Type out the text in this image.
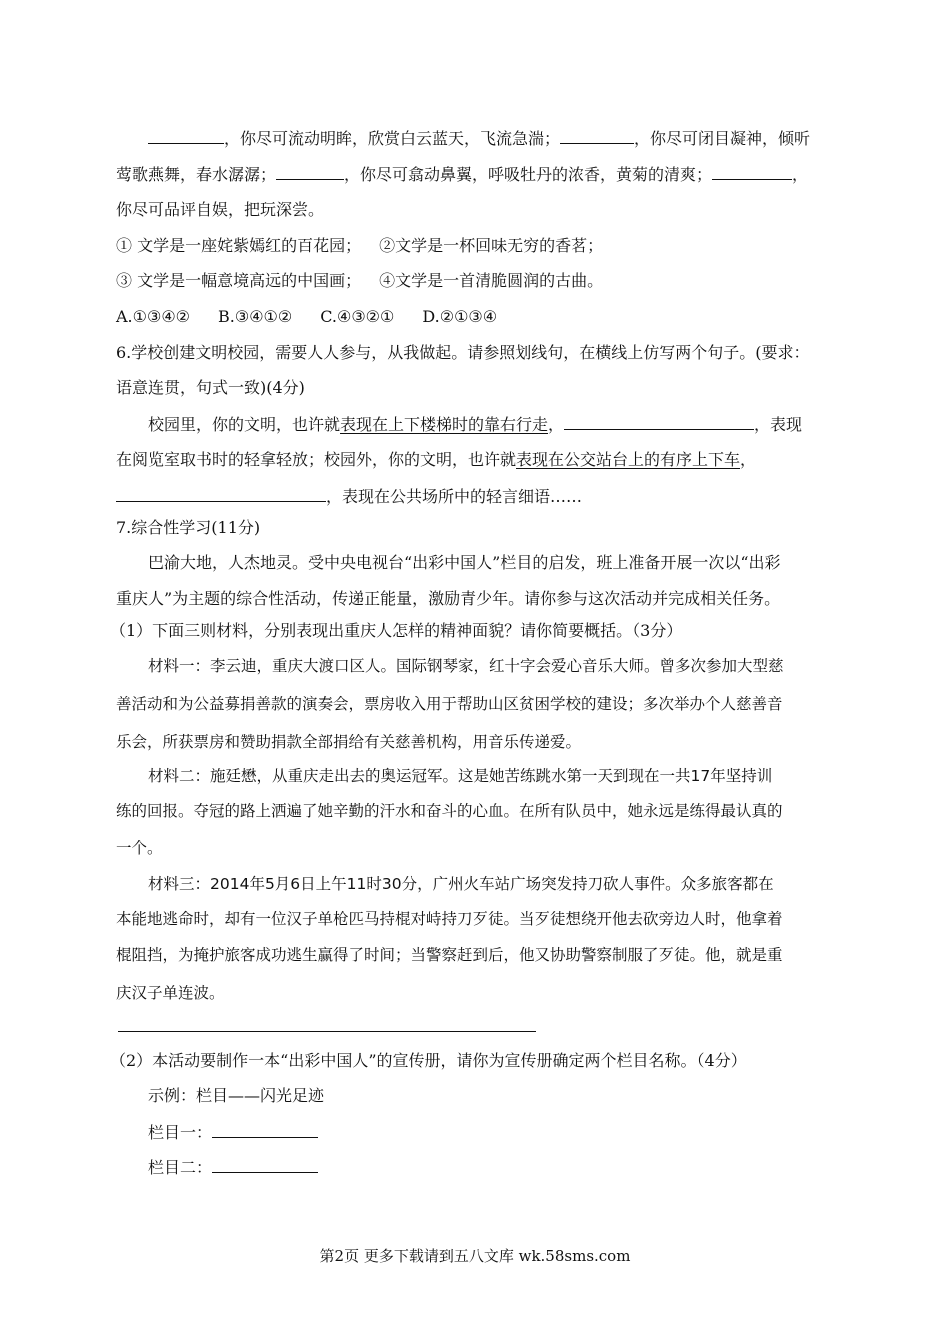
，你尽可流动明眸，欣赏白云蓝天，飞流急湍；	，你尽可闭目凝神，倾听
莺歌燕舞，春水潺潺；	，你尽可翕动鼻翼，呼吸牡丹的浓香，黄菊的清爽；	，
你尽可品评自娱，把玩深尝。
① 文学是一座姹紫嫣红的百花园； ②文学是一杯回味无穷的香茗；
③ 文学是一幅意境高远的中国画； ④文学是一首清脆圆润的古曲。
A.①③④② B.③④①② C.④③②① D.②①③④
6.学校创建文明校园，需要人人参与，从我做起。请参照划线句，在横线上仿写两个句子。(要求：
语意连贯，句式一致)(4分)
校园里，你的文明，也许就表现在上下楼梯时的靠右行走，	，表现
在阅览室取书时的轻拿轻放；校园外，你的文明，也许就表现在公交站台上的有序上下车，
，表现在公共场所中的轻言细语……
7.综合性学习(11分)
巴渝大地，人杰地灵。受中央电视台“出彩中国人”栏目的启发，班上准备开展一次以“出彩
重庆人”为主题的综合性活动，传递正能量，激励青少年。请你参与这次活动并完成相关任务。
（1）下面三则材料，分别表现出重庆人怎样的精神面貌？请你简要概括。（3分）
材料一：李云迪，重庆大渡口区人。国际钢琴家，红十字会爱心音乐大师。曾多次参加大型慈
善活动和为公益募捐善款的演奏会，票房收入用于帮助山区贫困学校的建设；多次举办个人慈善音
乐会，所获票房和赞助捐款全部捐给有关慈善机构，用音乐传递爱。
材料二：施廷懋，从重庆走出去的奥运冠军。这是她苦练跳水第一天到现在一共17年坚持训
练的回报。夺冠的路上洒遍了她辛勤的汗水和奋斗的心血。在所有队员中，她永远是练得最认真的
一个。
材料三：2014年5月6日上午11时30分，广州火车站广场突发持刀砍人事件。众多旅客都在
本能地逃命时，却有一位汉子单枪匹马持棍对峙持刀歹徒。当歹徒想绕开他去砍旁边人时，他拿着
棍阻挡，为掩护旅客成功逃生赢得了时间；当警察赶到后，他又协助警察制服了歹徒。他，就是重
庆汉子单连波。
（2）本活动要制作一本“出彩中国人”的宣传册，请你为宣传册确定两个栏目名称。（4分）
示例：栏目——闪光足迹
栏目一：
栏目二：
第2页 更多下载请到五八文库 wk.58sms.com
